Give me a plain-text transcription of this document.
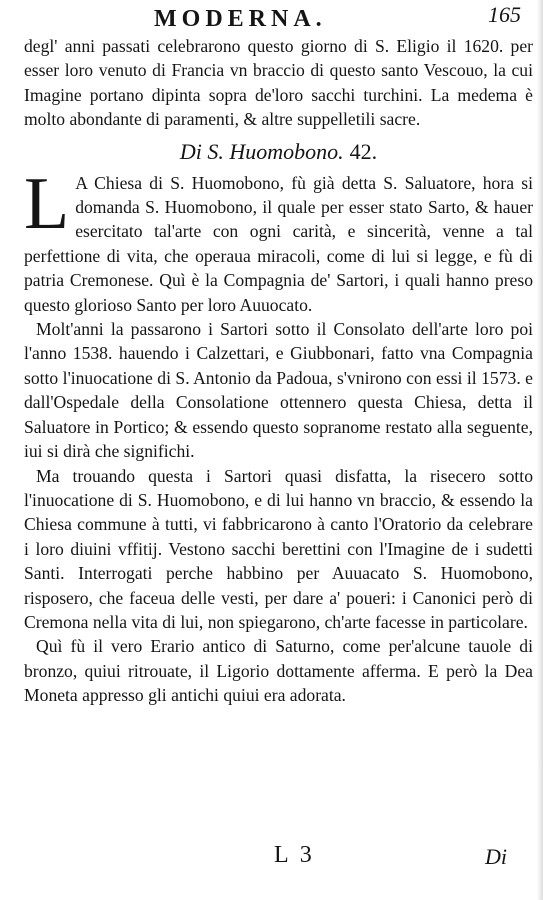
MODERNA.	165

degl' anni passati celebrarono questo giorno di S. Eligio il 1620. per esser loro venuto di Francia vn braccio di questo santo Vescouo, la cui Imagine portano dipinta sopra de'loro sacchi turchini. La medema è molto abondante di paramenti, & altre suppelletili sacre.

Di S. Huomobono. 42.

L A Chiesa di S. Huomobono, fù già detta S. Saluatore, hora si domanda S. Huomobono, il quale per esser stato Sarto, & hauer esercitato tal'arte con ogni carità, e sincerità, venne a tal perfettione di vita, che operaua miracoli, come di lui si legge, e fù di patria Cremonese. Quì è la Compagnia de' Sartori, i quali hanno preso questo glorioso Santo per loro Auuocato.

Molt'anni la passarono i Sartori sotto il Consolato dell'arte loro poi l'anno 1538. hauendo i Calzettari, e Giubbonari, fatto vna Compagnia sotto l'inuocatione di S. Antonio da Padoua, s'vnirono con essi il 1573. e dall'Ospedale della Consolatione ottennero questa Chiesa, detta il Saluatore in Portico; & essendo questo sopranome restato alla seguente, iui si dirà che significhi.

Ma trouando questa i Sartori quasi disfatta, la risecero sotto l'inuocatione di S. Huomobono, e di lui hanno vn braccio, & essendo la Chiesa commune à tutti, vi fabbricarono à canto l'Oratorio da celebrare i loro diuini vffitij. Vestono sacchi berettini con l'Imagine de i sudetti Santi. Interrogati perche habbino per Auuacato S. Huomobono, risposero, che faceua delle vesti, per dare a' poueri: i Canonici però di Cremona nella vita di lui, non spiegarono, ch'arte facesse in particolare.

Quì fù il vero Erario antico di Saturno, come per'alcune tauole di bronzo, quiui ritrouate, il Ligorio dottamente afferma. E però la Dea Moneta appresso gli antichi quiui era adorata.

L 3	Di
